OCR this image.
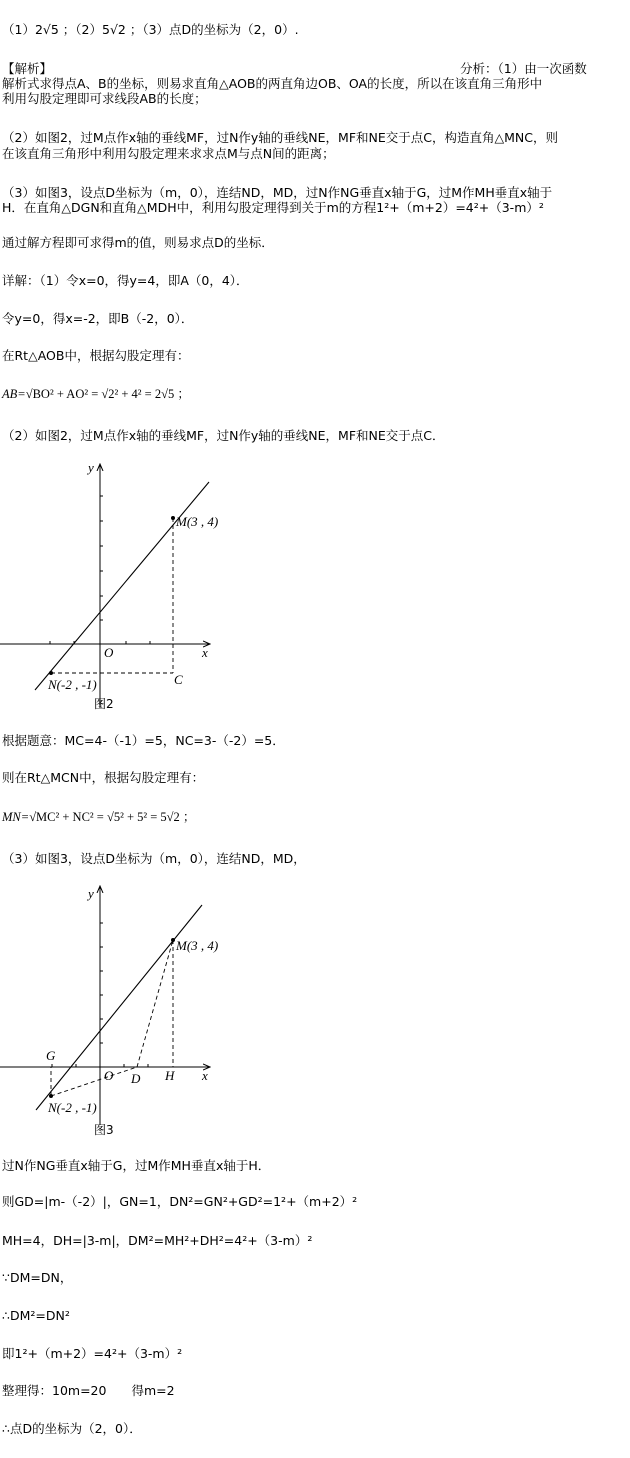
（1）2√5 ；（2）5√2 ；（3）点D的坐标为（2，0）.
【解析】	分析：（1）由一次函数
解析式求得点A、B的坐标，则易求直角△AOB的两直角边OB、OA的长度，所以在该直角三角形中
利用勾股定理即可求线段AB的长度；
（2）如图2，过M点作x轴的垂线MF，过N作y轴的垂线NE，MF和NE交于点C，构造直角△MNC，则
在该直角三角形中利用勾股定理来求求点M与点N间的距离；
（3）如图3，设点D坐标为（m，0），连结ND，MD，过N作NG垂直x轴于G，过M作MH垂直x轴于
H．在直角△DGN和直角△MDH中，利用勾股定理得到关于m的方程1²+（m+2）=4²+（3-m）²
通过解方程即可求得m的值，则易求点D的坐标．
详解：（1）令x=0，得y=4，即A（0，4）．
令y=0，得x=-2，即B（-2，0）．
在Rt△AOB中，根据勾股定理有：
AB=√BO² + AO² = √2² + 4² = 2√5 ；
（2）如图2，过M点作x轴的垂线MF，过N作y轴的垂线NE，MF和NE交于点C．
y
x
O
M(3 , 4)
N(-2 , -1)	C
图2
根据题意：MC=4-（-1）=5，NC=3-（-2）=5．
则在Rt△MCN中，根据勾股定理有：
MN=√MC² + NC² = √5² + 5² = 5√2 ；
（3）如图3，设点D坐标为（m，0），连结ND，MD，
y
x
O
M(3 , 4)
N(-2 , -1)
G
D H
图3
过N作NG垂直x轴于G，过M作MH垂直x轴于H．
则GD=|m-（-2）|，GN=1，DN²=GN²+GD²=1²+（m+2）²
MH=4，DH=|3-m|，DM²=MH²+DH²=4²+（3-m）²
∵DM=DN，
∴DM²=DN²
即1²+（m+2）=4²+（3-m）²
整理得：10m=20　　得m=2
∴点D的坐标为（2，0）．
